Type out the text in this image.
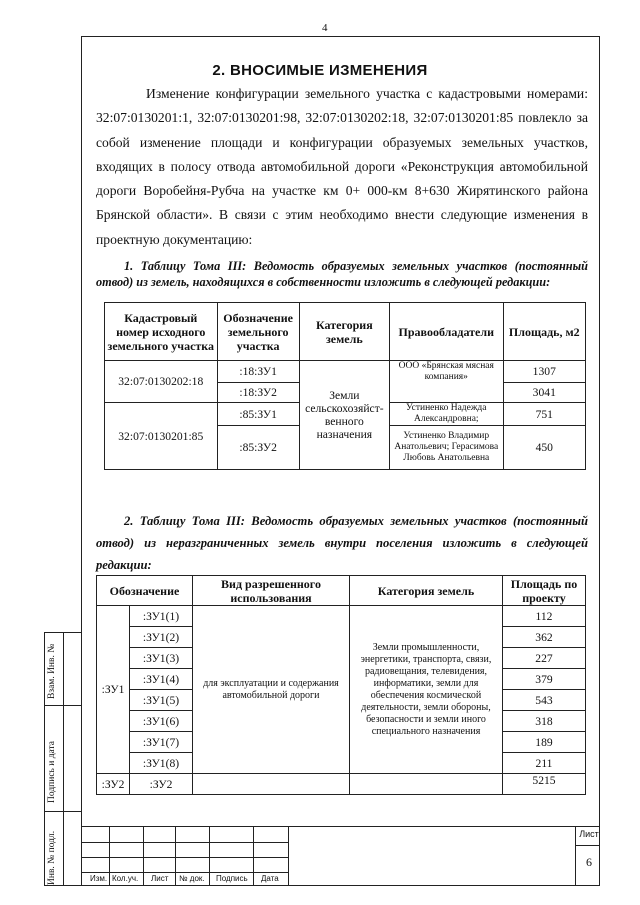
4
Взам. Инв. №
Подпись и дата
Инв. № подл.
2. ВНОСИМЫЕ ИЗМЕНЕНИЯ

Изменение конфигурации земельного участка с кадастровыми номерами: 32:07:0130201:1, 32:07:0130201:98, 32:07:0130202:18, 32:07:0130201:85 повлекло за собой изменение площади и конфигурации образуемых земельных участков, входящих в полосу отвода автомобильной дороги «Реконструкция автомобильной дороги Воробейня-Рубча на участке км 0+ 000-км 8+630 Жирятинского района Брянской области». В связи с этим необходимо внести следующие изменения в проектную документацию:

1. Таблицу Тома III: Ведомость образуемых земельных участков (постоянный отвод) из земель, находящихся в собственности изложить в следующей редакции:

Кадастровый номер исходного земельного участка	Обозначение земельного участка	Категория земель	Правообладатели	Площадь, м2
32:07:0130202:18	:18:ЗУ1	Земли сельскохозяйст-венного назначения	ООО «Брянская мясная компания»	1307
	:18:ЗУ2			3041
32:07:0130201:85	:85:ЗУ1		Устиненко Надежда Александровна;	751
	:85:ЗУ2		Устиненко Владимир Анатольевич; Герасимова Любовь Анатольевна	450

2. Таблицу Тома III: Ведомость образуемых земельных участков (постоянный отвод) из неразграниченных земель внутри поселения изложить в следующей редакции:

Обозначение		Вид разрешенного использования	Категория земель	Площадь по проекту
:ЗУ1	:ЗУ1(1)	для эксплуатации и содержания автомобильной дороги	Земли промышленности, энергетики, транспорта, связи, радиовещания, телевидения, информатики, земли для обеспечения космической деятельности, земли обороны, безопасности и земли иного специального назначения	112
	:ЗУ1(2)			362
	:ЗУ1(3)			227
	:ЗУ1(4)			379
	:ЗУ1(5)			543
	:ЗУ1(6)			318
	:ЗУ1(7)			189
	:ЗУ1(8)			211
:ЗУ2	:ЗУ2			5215
Изм. Кол.уч. Лист № док. Подпись Дата
Лист
6
